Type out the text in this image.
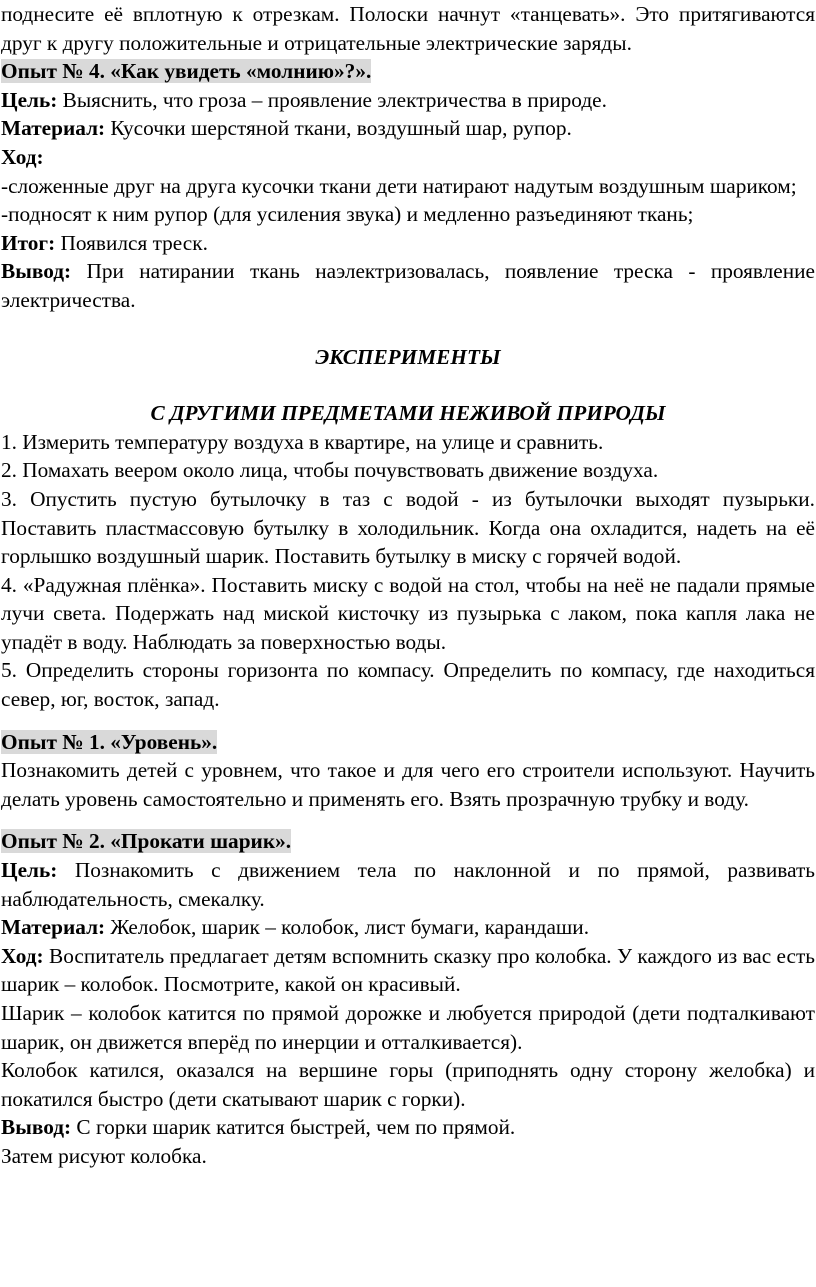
поднесите её вплотную к отрезкам. Полоски начнут «танцевать». Это притягиваются друг к другу положительные и отрицательные электрические заряды.

Опыт № 4. «Как увидеть «молнию»?».

Цель: Выяснить, что гроза – проявление электричества в природе.

Материал: Кусочки шерстяной ткани, воздушный шар, рупор.

Ход:

-сложенные друг на друга кусочки ткани дети натирают надутым воздушным шариком;

-подносят к ним рупор (для усиления звука) и медленно разъединяют ткань;

Итог: Появился треск.

Вывод: При натирании ткань наэлектризовалась, появление треска - проявление электричества.

ЭКСПЕРИМЕНТЫ

С ДРУГИМИ ПРЕДМЕТАМИ НЕЖИВОЙ ПРИРОДЫ

1. Измерить температуру воздуха в квартире, на улице и сравнить.

2. Помахать веером около лица, чтобы почувствовать движение воздуха.

3. Опустить пустую бутылочку в таз с водой - из бутылочки выходят пузырьки. Поставить пластмассовую бутылку в холодильник. Когда она охладится, надеть на её горлышко воздушный шарик. Поставить бутылку в миску с горячей водой.

4. «Радужная плёнка». Поставить миску с водой на стол, чтобы на неё не падали прямые лучи света. Подержать над миской кисточку из пузырька с лаком, пока капля лака не упадёт в воду. Наблюдать за поверхностью воды.

5. Определить стороны горизонта по компасу. Определить по компасу, где находиться север, юг, восток, запад.

Опыт № 1. «Уровень».

Познакомить детей с уровнем, что такое и для чего его строители используют. Научить делать уровень самостоятельно и применять его. Взять прозрачную трубку и воду.

Опыт № 2. «Прокати шарик».

Цель: Познакомить с движением тела по наклонной и по прямой, развивать наблюдательность, смекалку.

Материал: Желобок, шарик – колобок, лист бумаги, карандаши.

Ход: Воспитатель предлагает детям вспомнить сказку про колобка. У каждого из вас есть шарик – колобок. Посмотрите, какой он красивый.

Шарик – колобок катится по прямой дорожке и любуется природой (дети подталкивают шарик, он движется вперёд по инерции и отталкивается).

Колобок катился, оказался на вершине горы (приподнять одну сторону желобка) и покатился быстро (дети скатывают шарик с горки).

Вывод: С горки шарик катится быстрей, чем по прямой.

Затем рисуют колобка.
